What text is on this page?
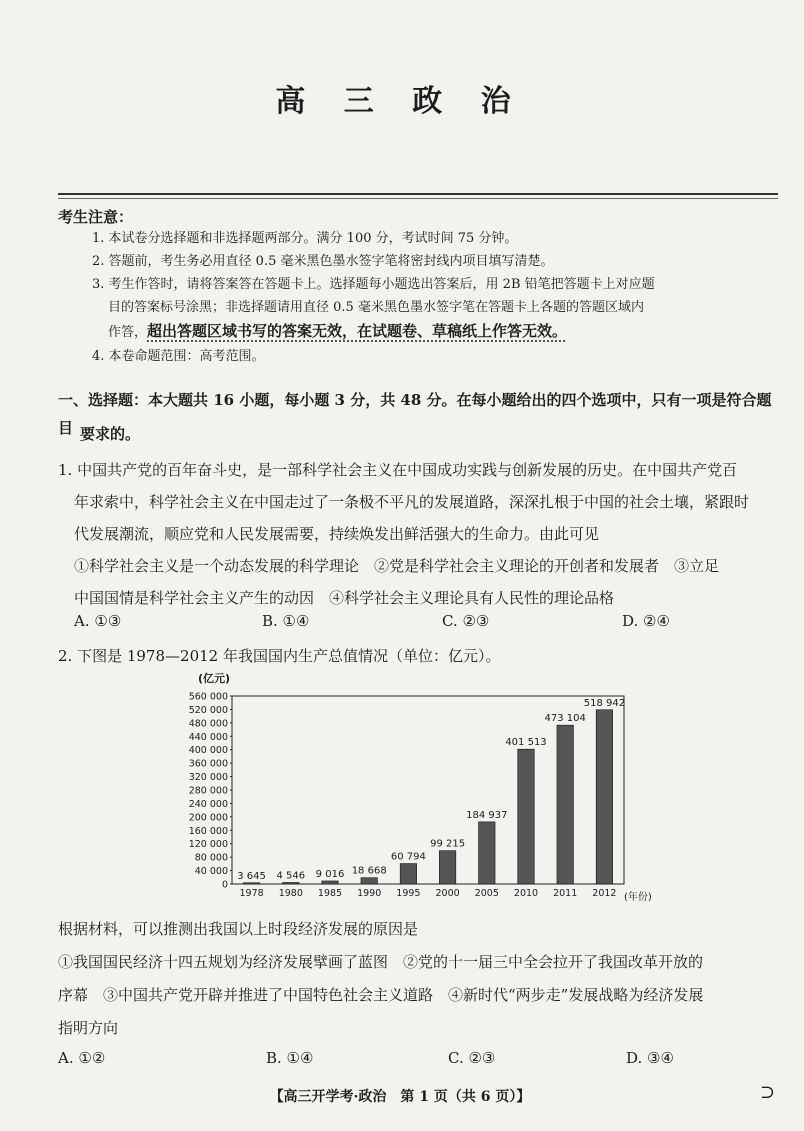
高 三 政 治
考生注意：
1. 本试卷分选择题和非选择题两部分。满分 100 分，考试时间 75 分钟。
2. 答题前，考生务必用直径 0.5 毫米黑色墨水签字笔将密封线内项目填写清楚。
3. 考生作答时，请将答案答在答题卡上。选择题每小题选出答案后，用 2B 铅笔把答题卡上对应题
目的答案标号涂黑；非选择题请用直径 0.5 毫米黑色墨水签字笔在答题卡上各题的答题区域内
作答，超出答题区域书写的答案无效，在试题卷、草稿纸上作答无效。
4. 本卷命题范围：高考范围。
一、选择题：本大题共 16 小题，每小题 3 分，共 48 分。在每小题给出的四个选项中，只有一项是符合题目 要求的。
1. 中国共产党的百年奋斗史，是一部科学社会主义在中国成功实践与创新发展的历史。在中国共产党百
年求索中，科学社会主义在中国走过了一条极不平凡的发展道路，深深扎根于中国的社会土壤，紧跟时
代发展潮流，顺应党和人民发展需要，持续焕发出鲜活强大的生命力。由此可见
①科学社会主义是一个动态发展的科学理论　②党是科学社会主义理论的开创者和发展者　③立足
中国国情是科学社会主义产生的动因　④科学社会主义理论具有人民性的理论品格
A. ①③	B. ①④	C. ②③	D. ②④
2. 下图是 1978—2012 年我国国内生产总值情况（单位：亿元）。
(亿元)
0
40 000
80 000
120 000
160 000
200 000
240 000
280 000
320 000
360 000
400 000
440 000
480 000
520 000
560 000
3 645 4 546 9 016 18 668
60 794
99 215
184 937
401 513
473 104
518 942
1978 1980 1985 1990 1995 2000 2005 2010 2011 2012 (年份)
根据材料，可以推测出我国以上时段经济发展的原因是
①我国国民经济十四五规划为经济发展擘画了蓝图　②党的十一届三中全会拉开了我国改革开放的
序幕　③中国共产党开辟并推进了中国特色社会主义道路　④新时代“两步走”发展战略为经济发展
指明方向
A. ①②	B. ①④	C. ②③	D. ③④
【高三开学考·政治　第 1 页（共 6 页）】	⊃
